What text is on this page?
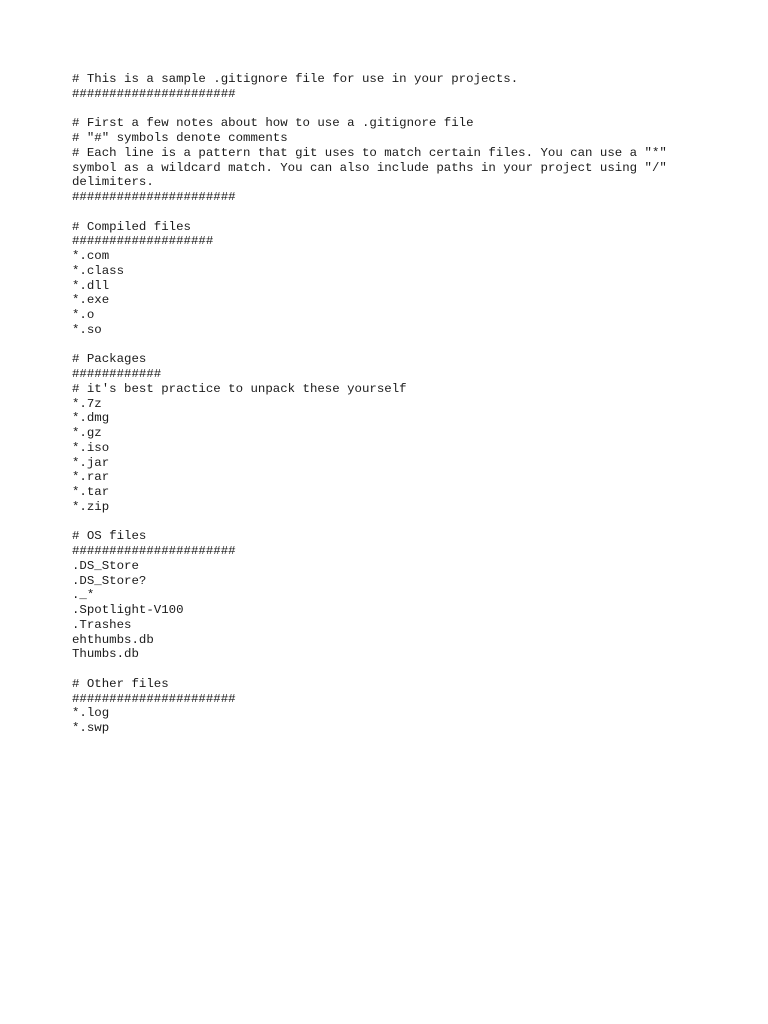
# This is a sample .gitignore file for use in your projects.
######################
# First a few notes about how to use a .gitignore file
# "#" symbols denote comments
# Each line is a pattern that git uses to match certain files. You can use a "*"
symbol as a wildcard match. You can also include paths in your project using "/"
delimiters.
######################
# Compiled files
###################
*.com
*.class
*.dll
*.exe
*.o
*.so
# Packages
############
# it's best practice to unpack these yourself
*.7z
*.dmg
*.gz
*.iso
*.jar
*.rar
*.tar
*.zip
# OS files
######################
.DS_Store
.DS_Store?
._*
.Spotlight-V100
.Trashes
ehthumbs.db
Thumbs.db
# Other files
######################
*.log
*.swp
